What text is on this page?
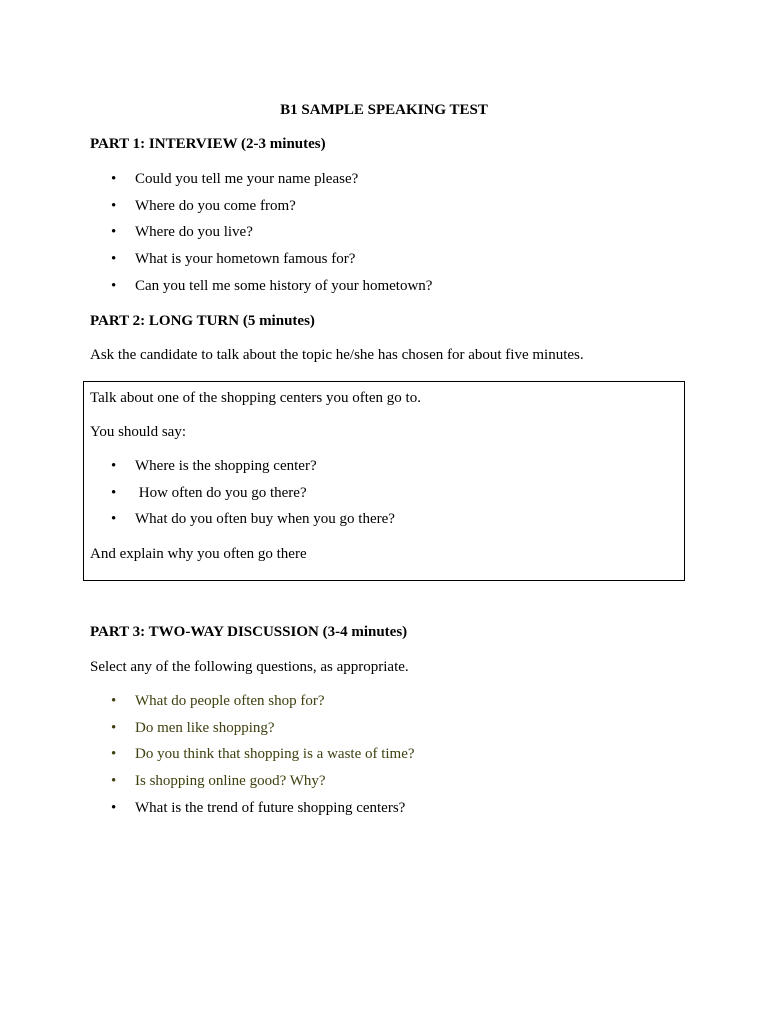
B1 SAMPLE SPEAKING TEST
PART 1: INTERVIEW (2-3 minutes)
• Could you tell me your name please?
• Where do you come from?
• Where do you live?
• What is your hometown famous for?
• Can you tell me some history of your hometown?
PART 2: LONG TURN (5 minutes)
Ask the candidate to talk about the topic he/she has chosen for about five minutes.
Talk about one of the shopping centers you often go to.
You should say:
• Where is the shopping center?
• How often do you go there?
• What do you often buy when you go there?
And explain why you often go there
PART 3: TWO-WAY DISCUSSION (3-4 minutes)
Select any of the following questions, as appropriate.
• What do people often shop for?
• Do men like shopping?
• Do you think that shopping is a waste of time?
• Is shopping online good? Why?
• What is the trend of future shopping centers?
